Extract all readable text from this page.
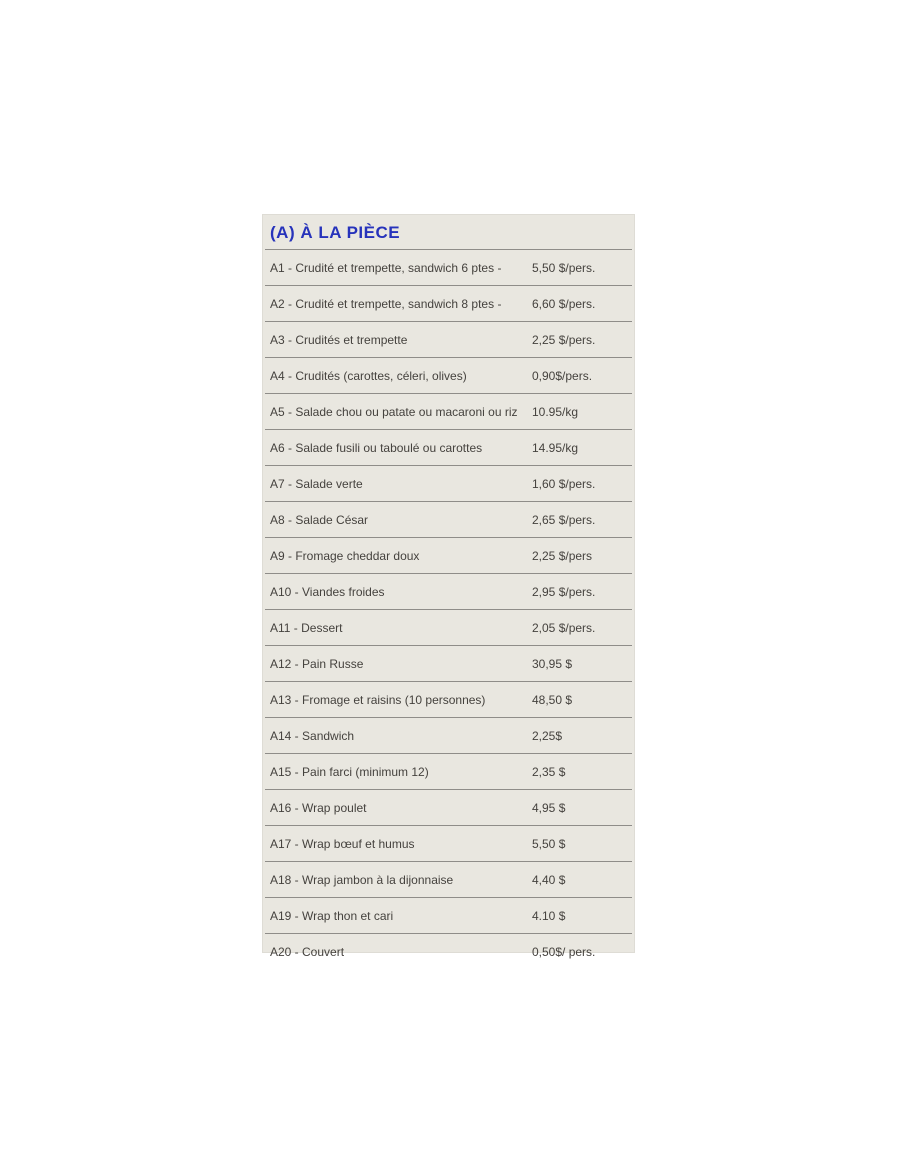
(A) À LA PIÈCE
A1 - Crudité et trempette, sandwich 6 ptes -	5,50 $/pers.
A2 - Crudité et trempette, sandwich 8 ptes -	6,60 $/pers.
A3 - Crudités et trempette	2,25 $/pers.
A4 - Crudités (carottes, céleri, olives)	0,90$/pers.
A5 - Salade chou ou patate ou macaroni ou riz 10.95/kg
A6 - Salade fusili ou taboulé ou carottes	14.95/kg
A7 - Salade verte	1,60 $/pers.
A8 - Salade César	2,65 $/pers.
A9 - Fromage cheddar doux	2,25 $/pers
A10 - Viandes froides	2,95 $/pers.
A11 - Dessert	2,05 $/pers.
A12 - Pain Russe	30,95 $
A13 - Fromage et raisins (10 personnes)	48,50 $
A14 - Sandwich	2,25$
A15 - Pain farci (minimum 12)	2,35 $
A16 - Wrap poulet	4,95 $
A17 - Wrap bœuf et humus	5,50 $
A18 - Wrap jambon à la dijonnaise	4,40 $
A19 - Wrap thon et cari	4.10 $
A20 - Couvert	0,50$/ pers.
